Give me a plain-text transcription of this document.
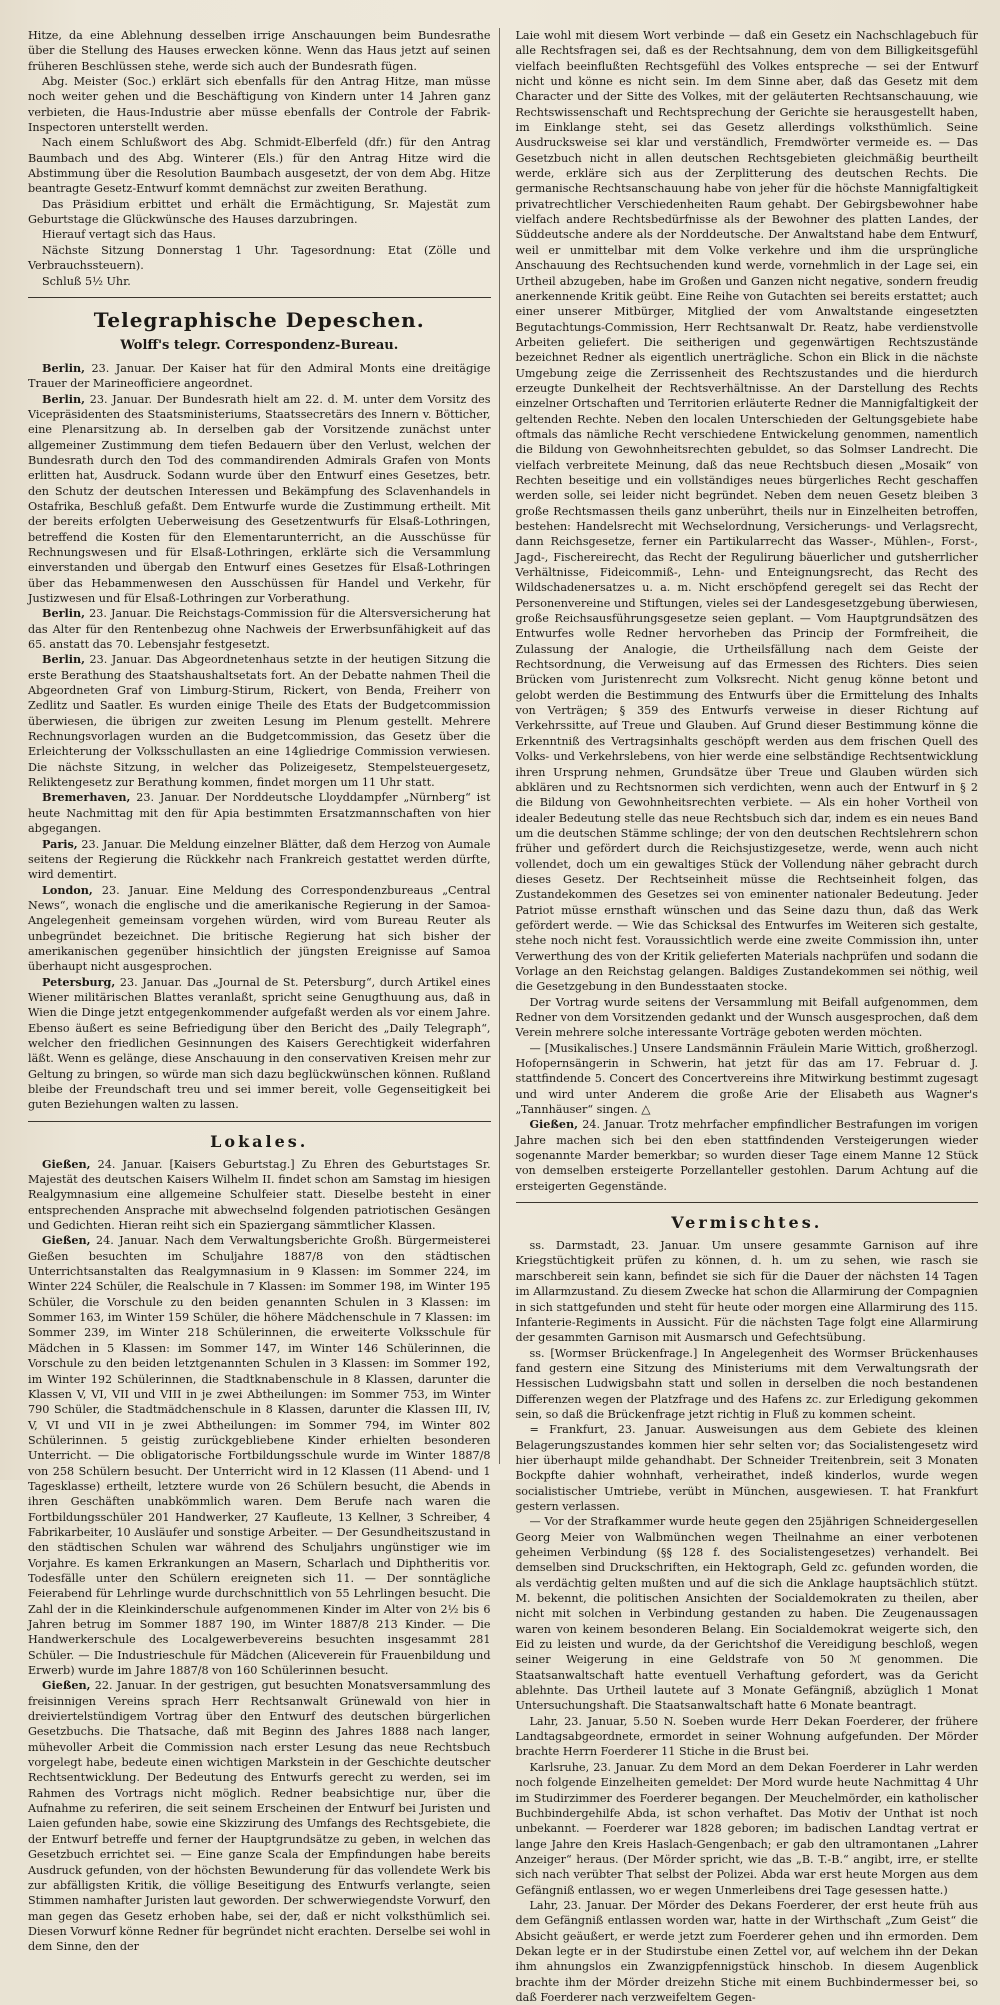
Hitze, da eine Ablehnung desselben irrige Anschauungen beim Bundesrathe über die Stellung des Hauses erwecken könne. Wenn das Haus jetzt auf seinen früheren Beschlüssen stehe, werde sich auch der Bundesrath fügen.

Abg. Meister (Soc.) erklärt sich ebenfalls für den Antrag Hitze, man müsse noch weiter gehen und die Beschäftigung von Kindern unter 14 Jahren ganz verbieten, die Haus-Industrie aber müsse ebenfalls der Controle der Fabrik-Inspectoren unterstellt werden.

Nach einem Schlußwort des Abg. Schmidt-Elberfeld (dfr.) für den Antrag Baumbach und des Abg. Winterer (Els.) für den Antrag Hitze wird die Abstimmung über die Resolution Baumbach ausgesetzt, der von dem Abg. Hitze beantragte Gesetz-Entwurf kommt demnächst zur zweiten Berathung.

Das Präsidium erbittet und erhält die Ermächtigung, Sr. Majestät zum Geburtstage die Glückwünsche des Hauses darzubringen.

Hierauf vertagt sich das Haus.

Nächste Sitzung Donnerstag 1 Uhr. Tagesordnung: Etat (Zölle und Verbrauchssteuern).

Schluß 5½ Uhr.

Telegraphische Depeschen.
Wolff's telegr. Correspondenz-Bureau.

Berlin, 23. Januar. Der Kaiser hat für den Admiral Monts eine dreitägige Trauer der Marineofficiere angeordnet.

Berlin, 23. Januar. Der Bundesrath hielt am 22. d. M. unter dem Vorsitz des Vicepräsidenten des Staatsministeriums, Staatssecretärs des Innern v. Bötticher, eine Plenarsitzung ab. In derselben gab der Vorsitzende zunächst unter allgemeiner Zustimmung dem tiefen Bedauern über den Verlust, welchen der Bundesrath durch den Tod des commandirenden Admirals Grafen von Monts erlitten hat, Ausdruck. Sodann wurde über den Entwurf eines Gesetzes, betr. den Schutz der deutschen Interessen und Bekämpfung des Sclavenhandels in Ostafrika, Beschluß gefaßt. Dem Entwurfe wurde die Zustimmung ertheilt. Mit der bereits erfolgten Ueberweisung des Gesetzentwurfs für Elsaß-Lothringen, betreffend die Kosten für den Elementarunterricht, an die Ausschüsse für Rechnungswesen und für Elsaß-Lothringen, erklärte sich die Versammlung einverstanden und übergab den Entwurf eines Gesetzes für Elsaß-Lothringen über das Hebammenwesen den Ausschüssen für Handel und Verkehr, für Justizwesen und für Elsaß-Lothringen zur Vorberathung.

Berlin, 23. Januar. Die Reichstags-Commission für die Altersversicherung hat das Alter für den Rentenbezug ohne Nachweis der Erwerbsunfähigkeit auf das 65. anstatt das 70. Lebensjahr festgesetzt.

Berlin, 23. Januar. Das Abgeordnetenhaus setzte in der heutigen Sitzung die erste Berathung des Staatshaushaltsetats fort. An der Debatte nahmen Theil die Abgeordneten Graf von Limburg-Stirum, Rickert, von Benda, Freiherr von Zedlitz und Saatler. Es wurden einige Theile des Etats der Budgetcommission überwiesen, die übrigen zur zweiten Lesung im Plenum gestellt. Mehrere Rechnungsvorlagen wurden an die Budgetcommission, das Gesetz über die Erleichterung der Volksschullasten an eine 14gliedrige Commission verwiesen. Die nächste Sitzung, in welcher das Polizeigesetz, Stempelsteuergesetz, Reliktengesetz zur Berathung kommen, findet morgen um 11 Uhr statt.

Bremerhaven, 23. Januar. Der Norddeutsche Lloyddampfer „Nürnberg“ ist heute Nachmittag mit den für Apia bestimmten Ersatzmannschaften von hier abgegangen.

Paris, 23. Januar. Die Meldung einzelner Blätter, daß dem Herzog von Aumale seitens der Regierung die Rückkehr nach Frankreich gestattet werden dürfte, wird dementirt.

London, 23. Januar. Eine Meldung des Correspondenzbureaus „Central News“, wonach die englische und die amerikanische Regierung in der Samoa-Angelegenheit gemeinsam vorgehen würden, wird vom Bureau Reuter als unbegründet bezeichnet. Die britische Regierung hat sich bisher der amerikanischen gegenüber hinsichtlich der jüngsten Ereignisse auf Samoa überhaupt nicht ausgesprochen.

Petersburg, 23. Januar. Das „Journal de St. Petersburg“, durch Artikel eines Wiener militärischen Blattes veranlaßt, spricht seine Genugthuung aus, daß in Wien die Dinge jetzt entgegenkommender aufgefaßt werden als vor einem Jahre. Ebenso äußert es seine Befriedigung über den Bericht des „Daily Telegraph“, welcher den friedlichen Gesinnungen des Kaisers Gerechtigkeit widerfahren läßt. Wenn es gelänge, diese Anschauung in den conservativen Kreisen mehr zur Geltung zu bringen, so würde man sich dazu beglückwünschen können. Rußland bleibe der Freundschaft treu und sei immer bereit, volle Gegenseitigkeit bei guten Beziehungen walten zu lassen.

Lokales.

Gießen, 24. Januar. [Kaisers Geburtstag.] Zu Ehren des Geburtstages Sr. Majestät des deutschen Kaisers Wilhelm II. findet schon am Samstag im hiesigen Realgymnasium eine allgemeine Schulfeier statt. Dieselbe besteht in einer entsprechenden Ansprache mit abwechselnd folgenden patriotischen Gesängen und Gedichten. Hieran reiht sich ein Spaziergang sämmtlicher Klassen.

Gießen, 24. Januar. Nach dem Verwaltungsberichte Großh. Bürgermeisterei Gießen besuchten im Schuljahre 1887/8 von den städtischen Unterrichtsanstalten das Realgymnasium in 9 Klassen: im Sommer 224, im Winter 224 Schüler, die Realschule in 7 Klassen: im Sommer 198, im Winter 195 Schüler, die Vorschule zu den beiden genannten Schulen in 3 Klassen: im Sommer 163, im Winter 159 Schüler, die höhere Mädchenschule in 7 Klassen: im Sommer 239, im Winter 218 Schülerinnen, die erweiterte Volksschule für Mädchen in 5 Klassen: im Sommer 147, im Winter 146 Schülerinnen, die Vorschule zu den beiden letztgenannten Schulen in 3 Klassen: im Sommer 192, im Winter 192 Schülerinnen, die Stadtknabenschule in 8 Klassen, darunter die Klassen V, VI, VII und VIII in je zwei Abtheilungen: im Sommer 753, im Winter 790 Schüler, die Stadtmädchenschule in 8 Klassen, darunter die Klassen III, IV, V, VI und VII in je zwei Abtheilungen: im Sommer 794, im Winter 802 Schülerinnen. 5 geistig zurückgebliebene Kinder erhielten besonderen Unterricht. — Die obligatorische Fortbildungsschule wurde im Winter 1887/8 von 258 Schülern besucht. Der Unterricht wird in 12 Klassen (11 Abend- und 1 Tagesklasse) ertheilt, letztere wurde von 26 Schülern besucht, die Abends in ihren Geschäften unabkömmlich waren. Dem Berufe nach waren die Fortbildungsschüler 201 Handwerker, 27 Kaufleute, 13 Kellner, 3 Schreiber, 4 Fabrikarbeiter, 10 Ausläufer und sonstige Arbeiter. — Der Gesundheitszustand in den städtischen Schulen war während des Schuljahrs ungünstiger wie im Vorjahre. Es kamen Erkrankungen an Masern, Scharlach und Diphtheritis vor. Todesfälle unter den Schülern ereigneten sich 11. — Der sonntägliche Feierabend für Lehrlinge wurde durchschnittlich von 55 Lehrlingen besucht. Die Zahl der in die Kleinkinderschule aufgenommenen Kinder im Alter von 2½ bis 6 Jahren betrug im Sommer 1887 190, im Winter 1887/8 213 Kinder. — Die Handwerkerschule des Localgewerbevereins besuchten insgesammt 281 Schüler. — Die Industrieschule für Mädchen (Aliceverein für Frauenbildung und Erwerb) wurde im Jahre 1887/8 von 160 Schülerinnen besucht.

Gießen, 22. Januar. In der gestrigen, gut besuchten Monatsversammlung des freisinnigen Vereins sprach Herr Rechtsanwalt Grünewald von hier in dreiviertelstündigem Vortrag über den Entwurf des deutschen bürgerlichen Gesetzbuchs. Die Thatsache, daß mit Beginn des Jahres 1888 nach langer, mühevoller Arbeit die Commission nach erster Lesung das neue Rechtsbuch vorgelegt habe, bedeute einen wichtigen Markstein in der Geschichte deutscher Rechtsentwicklung. Der Bedeutung des Entwurfs gerecht zu werden, sei im Rahmen des Vortrags nicht möglich. Redner beabsichtige nur, über die Aufnahme zu referiren, die seit seinem Erscheinen der Entwurf bei Juristen und Laien gefunden habe, sowie eine Skizzirung des Umfangs des Rechtsgebiete, die der Entwurf betreffe und ferner der Hauptgrundsätze zu geben, in welchen das Gesetzbuch errichtet sei. — Eine ganze Scala der Empfindungen habe bereits Ausdruck gefunden, von der höchsten Bewunderung für das vollendete Werk bis zur abfälligsten Kritik, die völlige Beseitigung des Entwurfs verlangte, seien Stimmen namhafter Juristen laut geworden. Der schwerwiegendste Vorwurf, den man gegen das Gesetz erhoben habe, sei der, daß er nicht volksthümlich sei. Diesen Vorwurf könne Redner für begründet nicht erachten. Derselbe sei wohl in dem Sinne, den der

Laie wohl mit diesem Wort verbinde — daß ein Gesetz ein Nachschlagebuch für alle Rechtsfragen sei, daß es der Rechtsahnung, dem von dem Billigkeitsgefühl vielfach beeinflußten Rechtsgefühl des Volkes entspreche — sei der Entwurf nicht und könne es nicht sein. Im dem Sinne aber, daß das Gesetz mit dem Character und der Sitte des Volkes, mit der geläuterten Rechtsanschauung, wie Rechtswissenschaft und Rechtsprechung der Gerichte sie herausgestellt haben, im Einklange steht, sei das Gesetz allerdings volksthümlich. Seine Ausdrucksweise sei klar und verständlich, Fremdwörter vermeide es. — Das Gesetzbuch nicht in allen deutschen Rechtsgebieten gleichmäßig beurtheilt werde, erkläre sich aus der Zerplitterung des deutschen Rechts. Die germanische Rechtsanschauung habe von jeher für die höchste Mannigfaltigkeit privatrechtlicher Verschiedenheiten Raum gehabt. Der Gebirgsbewohner habe vielfach andere Rechtsbedürfnisse als der Bewohner des platten Landes, der Süddeutsche andere als der Norddeutsche. Der Anwaltstand habe dem Entwurf, weil er unmittelbar mit dem Volke verkehre und ihm die ursprüngliche Anschauung des Rechtsuchenden kund werde, vornehmlich in der Lage sei, ein Urtheil abzugeben, habe im Großen und Ganzen nicht negative, sondern freudig anerkennende Kritik geübt. Eine Reihe von Gutachten sei bereits erstattet; auch einer unserer Mitbürger, Mitglied der vom Anwaltstande eingesetzten Begutachtungs-Commission, Herr Rechtsanwalt Dr. Reatz, habe verdienstvolle Arbeiten geliefert. Die seitherigen und gegenwärtigen Rechtszustände bezeichnet Redner als eigentlich unerträgliche. Schon ein Blick in die nächste Umgebung zeige die Zerrissenheit des Rechtszustandes und die hierdurch erzeugte Dunkelheit der Rechtsverhältnisse. An der Darstellung des Rechts einzelner Ortschaften und Territorien erläuterte Redner die Mannigfaltigkeit der geltenden Rechte. Neben den localen Unterschieden der Geltungsgebiete habe oftmals das nämliche Recht verschiedene Entwickelung genommen, namentlich die Bildung von Gewohnheitsrechten gebuldet, so das Solmser Landrecht. Die vielfach verbreitete Meinung, daß das neue Rechtsbuch diesen „Mosaik“ von Rechten beseitige und ein vollständiges neues bürgerliches Recht geschaffen werden solle, sei leider nicht begründet. Neben dem neuen Gesetz bleiben 3 große Rechtsmassen theils ganz unberührt, theils nur in Einzelheiten betroffen, bestehen: Handelsrecht mit Wechselordnung, Versicherungs- und Verlagsrecht, dann Reichsgesetze, ferner ein Partikularrecht das Wasser-, Mühlen-, Forst-, Jagd-, Fischereirecht, das Recht der Regulirung bäuerlicher und gutsherrlicher Verhältnisse, Fideicommiß-, Lehn- und Enteignungsrecht, das Recht des Wildschadenersatzes u. a. m. Nicht erschöpfend geregelt sei das Recht der Personenvereine und Stiftungen, vieles sei der Landesgesetzgebung überwiesen, große Reichsausführungsgesetze seien geplant. — Vom Hauptgrundsätzen des Entwurfes wolle Redner hervorheben das Princip der Formfreiheit, die Zulassung der Analogie, die Urtheilsfällung nach dem Geiste der Rechtsordnung, die Verweisung auf das Ermessen des Richters. Dies seien Brücken vom Juristenrecht zum Volksrecht. Nicht genug könne betont und gelobt werden die Bestimmung des Entwurfs über die Ermittelung des Inhalts von Verträgen; § 359 des Entwurfs verweise in dieser Richtung auf Verkehrssitte, auf Treue und Glauben. Auf Grund dieser Bestimmung könne die Erkenntniß des Vertragsinhalts geschöpft werden aus dem frischen Quell des Volks- und Verkehrslebens, von hier werde eine selbständige Rechtsentwicklung ihren Ursprung nehmen, Grundsätze über Treue und Glauben würden sich abklären und zu Rechtsnormen sich verdichten, wenn auch der Entwurf in § 2 die Bildung von Gewohnheitsrechten verbiete. — Als ein hoher Vortheil von idealer Bedeutung stelle das neue Rechtsbuch sich dar, indem es ein neues Band um die deutschen Stämme schlinge; der von den deutschen Rechtslehrern schon früher und gefördert durch die Reichsjustizgesetze, werde, wenn auch nicht vollendet, doch um ein gewaltiges Stück der Vollendung näher gebracht durch dieses Gesetz. Der Rechtseinheit müsse die Rechtseinheit folgen, das Zustandekommen des Gesetzes sei von eminenter nationaler Bedeutung. Jeder Patriot müsse ernsthaft wünschen und das Seine dazu thun, daß das Werk gefördert werde. — Wie das Schicksal des Entwurfes im Weiteren sich gestalte, stehe noch nicht fest. Voraussichtlich werde eine zweite Commission ihn, unter Verwerthung des von der Kritik gelieferten Materials nachprüfen und sodann die Vorlage an den Reichstag gelangen. Baldiges Zustandekommen sei nöthig, weil die Gesetzgebung in den Bundesstaaten stocke.

Der Vortrag wurde seitens der Versammlung mit Beifall aufgenommen, dem Redner von dem Vorsitzenden gedankt und der Wunsch ausgesprochen, daß dem Verein mehrere solche interessante Vorträge geboten werden möchten.

— [Musikalisches.] Unsere Landsmännin Fräulein Marie Wittich, großherzogl. Hofopernsängerin in Schwerin, hat jetzt für das am 17. Februar d. J. stattfindende 5. Concert des Concertvereins ihre Mitwirkung bestimmt zugesagt und wird unter Anderem die große Arie der Elisabeth aus Wagner's „Tannhäuser“ singen. △

Gießen, 24. Januar. Trotz mehrfacher empfindlicher Bestrafungen im vorigen Jahre machen sich bei den eben stattfindenden Versteigerungen wieder sogenannte Marder bemerkbar; so wurden dieser Tage einem Manne 12 Stück von demselben ersteigerte Porzellanteller gestohlen. Darum Achtung auf die ersteigerten Gegenstände.

Vermischtes.

ss. Darmstadt, 23. Januar. Um unsere gesammte Garnison auf ihre Kriegstüchtigkeit prüfen zu können, d. h. um zu sehen, wie rasch sie marschbereit sein kann, befindet sie sich für die Dauer der nächsten 14 Tagen im Allarmzustand. Zu diesem Zwecke hat schon die Allarmirung der Compagnien in sich stattgefunden und steht für heute oder morgen eine Allarmirung des 115. Infanterie-Regiments in Aussicht. Für die nächsten Tage folgt eine Allarmirung der gesammten Garnison mit Ausmarsch und Gefechtsübung.

ss. [Wormser Brückenfrage.] In Angelegenheit des Wormser Brückenhauses fand gestern eine Sitzung des Ministeriums mit dem Verwaltungsrath der Hessischen Ludwigsbahn statt und sollen in derselben die noch bestandenen Differenzen wegen der Platzfrage und des Hafens zc. zur Erledigung gekommen sein, so daß die Brückenfrage jetzt richtig in Fluß zu kommen scheint.

= Frankfurt, 23. Januar. Ausweisungen aus dem Gebiete des kleinen Belagerungszustandes kommen hier sehr selten vor; das Socialistengesetz wird hier überhaupt milde gehandhabt. Der Schneider Treitenbrein, seit 3 Monaten Bockpfte dahier wohnhaft, verheirathet, indeß kinderlos, wurde wegen socialistischer Umtriebe, verübt in München, ausgewiesen. T. hat Frankfurt gestern verlassen.

— Vor der Strafkammer wurde heute gegen den 25jährigen Schneidergesellen Georg Meier von Walbmünchen wegen Theilnahme an einer verbotenen geheimen Verbindung (§§ 128 f. des Socialistengesetzes) verhandelt. Bei demselben sind Druckschriften, ein Hektograph, Geld zc. gefunden worden, die als verdächtig gelten mußten und auf die sich die Anklage hauptsächlich stützt. M. bekennt, die politischen Ansichten der Socialdemokraten zu theilen, aber nicht mit solchen in Verbindung gestanden zu haben. Die Zeugenaussagen waren von keinem besonderen Belang. Ein Socialdemokrat weigerte sich, den Eid zu leisten und wurde, da der Gerichtshof die Vereidigung beschloß, wegen seiner Weigerung in eine Geldstrafe von 50 ℳ genommen. Die Staatsanwaltschaft hatte eventuell Verhaftung gefordert, was da Gericht ablehnte. Das Urtheil lautete auf 3 Monate Gefängniß, abzüglich 1 Monat Untersuchungshaft. Die Staatsanwaltschaft hatte 6 Monate beantragt.

Lahr, 23. Januar, 5.50 N. Soeben wurde Herr Dekan Foerderer, der frühere Landtagsabgeordnete, ermordet in seiner Wohnung aufgefunden. Der Mörder brachte Herrn Foerderer 11 Stiche in die Brust bei.

Karlsruhe, 23. Januar. Zu dem Mord an dem Dekan Foerderer in Lahr werden noch folgende Einzelheiten gemeldet: Der Mord wurde heute Nachmittag 4 Uhr im Studirzimmer des Foerderer begangen. Der Meuchelmörder, ein katholischer Buchbindergehilfe Abda, ist schon verhaftet. Das Motiv der Unthat ist noch unbekannt. — Foerderer war 1828 geboren; im badischen Landtag vertrat er lange Jahre den Kreis Haslach-Gengenbach; er gab den ultramontanen „Lahrer Anzeiger“ heraus. (Der Mörder spricht, wie das „B. T.-B.“ angibt, irre, er stellte sich nach verübter That selbst der Polizei. Abda war erst heute Morgen aus dem Gefängniß entlassen, wo er wegen Unmerleibens drei Tage gesessen hatte.)

Lahr, 23. Januar. Der Mörder des Dekans Foerderer, der erst heute früh aus dem Gefängniß entlassen worden war, hatte in der Wirthschaft „Zum Geist“ die Absicht geäußert, er werde jetzt zum Foerderer gehen und ihn ermorden. Dem Dekan legte er in der Studirstube einen Zettel vor, auf welchem ihn der Dekan ihm ahnungslos ein Zwanzigpfennigstück hinschob. In diesem Augenblick brachte ihm der Mörder dreizehn Stiche mit einem Buchbindermesser bei, so daß Foerderer nach verzweifeltem Gegen-
